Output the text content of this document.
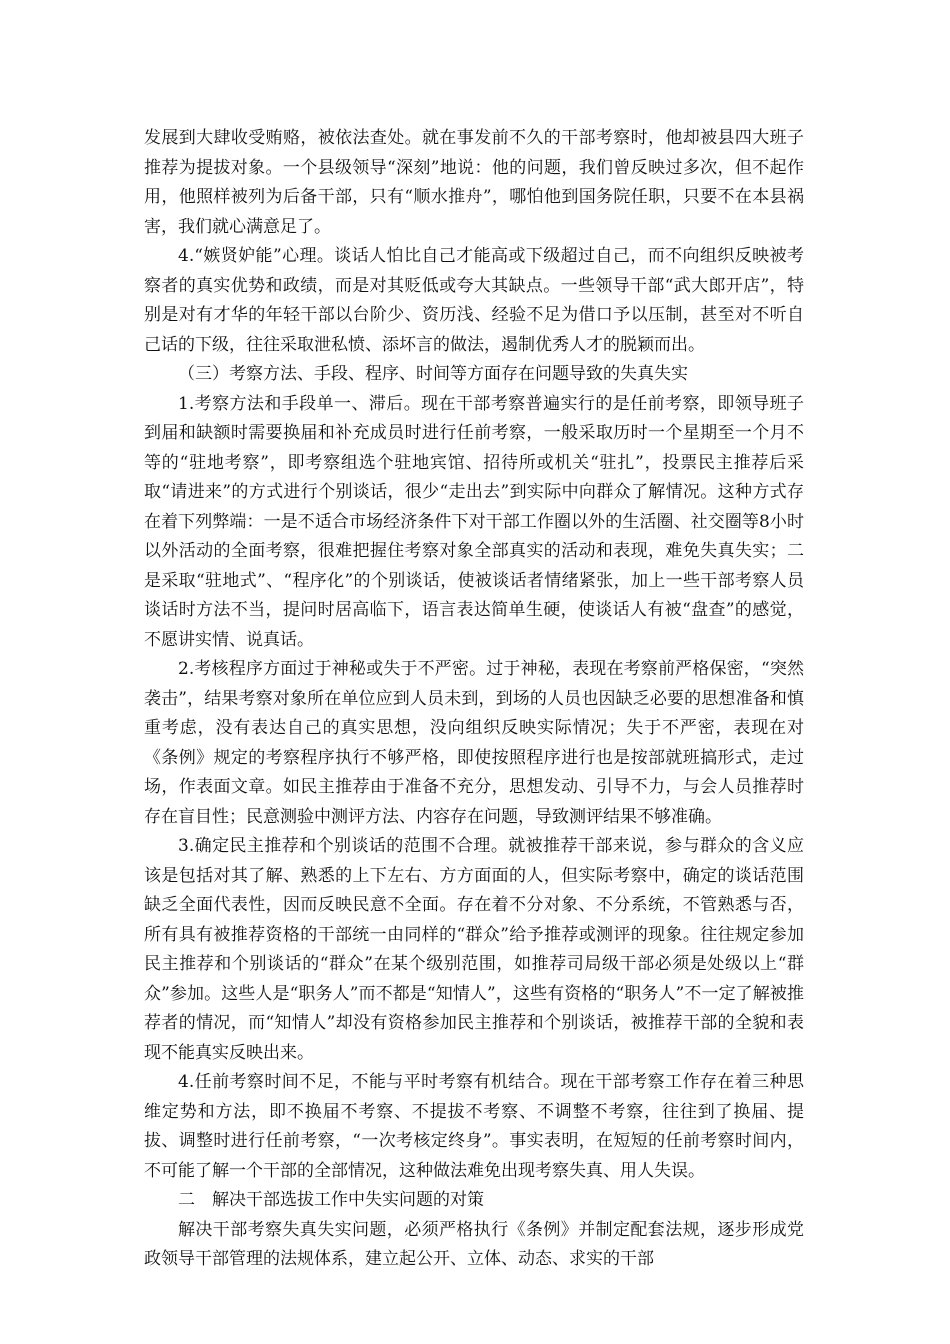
发展到大肆收受贿赂，被依法查处。就在事发前不久的干部考察时，他却被县四大班子推荐为提拔对象。一个县级领导“深刻”地说：他的问题，我们曾反映过多次，但不起作用，他照样被列为后备干部，只有“顺水推舟”，哪怕他到国务院任职，只要不在本县祸害，我们就心满意足了。

4.“嫉贤妒能”心理。谈话人怕比自己才能高或下级超过自己，而不向组织反映被考察者的真实优势和政绩，而是对其贬低或夸大其缺点。一些领导干部“武大郎开店”，特别是对有才华的年轻干部以台阶少、资历浅、经验不足为借口予以压制，甚至对不听自己话的下级，往往采取泄私愤、添坏言的做法，遏制优秀人才的脱颖而出。

（三）考察方法、手段、程序、时间等方面存在问题导致的失真失实

1.考察方法和手段单一、滞后。现在干部考察普遍实行的是任前考察，即领导班子到届和缺额时需要换届和补充成员时进行任前考察，一般采取历时一个星期至一个月不等的“驻地考察”，即考察组选个驻地宾馆、招待所或机关“驻扎”，投票民主推荐后采取“请进来”的方式进行个别谈话，很少“走出去”到实际中向群众了解情况。这种方式存在着下列弊端：一是不适合市场经济条件下对干部工作圈以外的生活圈、社交圈等8小时以外活动的全面考察，很难把握住考察对象全部真实的活动和表现，难免失真失实；二是采取“驻地式”、“程序化”的个别谈话，使被谈话者情绪紧张，加上一些干部考察人员谈话时方法不当，提问时居高临下，语言表达简单生硬，使谈话人有被“盘查”的感觉，不愿讲实情、说真话。

2.考核程序方面过于神秘或失于不严密。过于神秘，表现在考察前严格保密，“突然袭击”，结果考察对象所在单位应到人员未到，到场的人员也因缺乏必要的思想准备和慎重考虑，没有表达自己的真实思想，没向组织反映实际情况；失于不严密，表现在对《条例》规定的考察程序执行不够严格，即使按照程序进行也是按部就班搞形式，走过场，作表面文章。如民主推荐由于准备不充分，思想发动、引导不力，与会人员推荐时存在盲目性；民意测验中测评方法、内容存在问题，导致测评结果不够准确。

3.确定民主推荐和个别谈话的范围不合理。就被推荐干部来说，参与群众的含义应该是包括对其了解、熟悉的上下左右、方方面面的人，但实际考察中，确定的谈话范围缺乏全面代表性，因而反映民意不全面。存在着不分对象、不分系统，不管熟悉与否，所有具有被推荐资格的干部统一由同样的“群众”给予推荐或测评的现象。往往规定参加民主推荐和个别谈话的“群众”在某个级别范围，如推荐司局级干部必须是处级以上“群众”参加。这些人是“职务人”而不都是“知情人”，这些有资格的“职务人”不一定了解被推荐者的情况，而“知情人”却没有资格参加民主推荐和个别谈话，被推荐干部的全貌和表现不能真实反映出来。

4.任前考察时间不足，不能与平时考察有机结合。现在干部考察工作存在着三种思维定势和方法，即不换届不考察、不提拔不考察、不调整不考察，往往到了换届、提拔、调整时进行任前考察，“一次考核定终身”。事实表明，在短短的任前考察时间内，不可能了解一个干部的全部情况，这种做法难免出现考察失真、用人失误。

二　解决干部选拔工作中失实问题的对策

解决干部考察失真失实问题，必须严格执行《条例》并制定配套法规，逐步形成党政领导干部管理的法规体系，建立起公开、立体、动态、求实的干部
